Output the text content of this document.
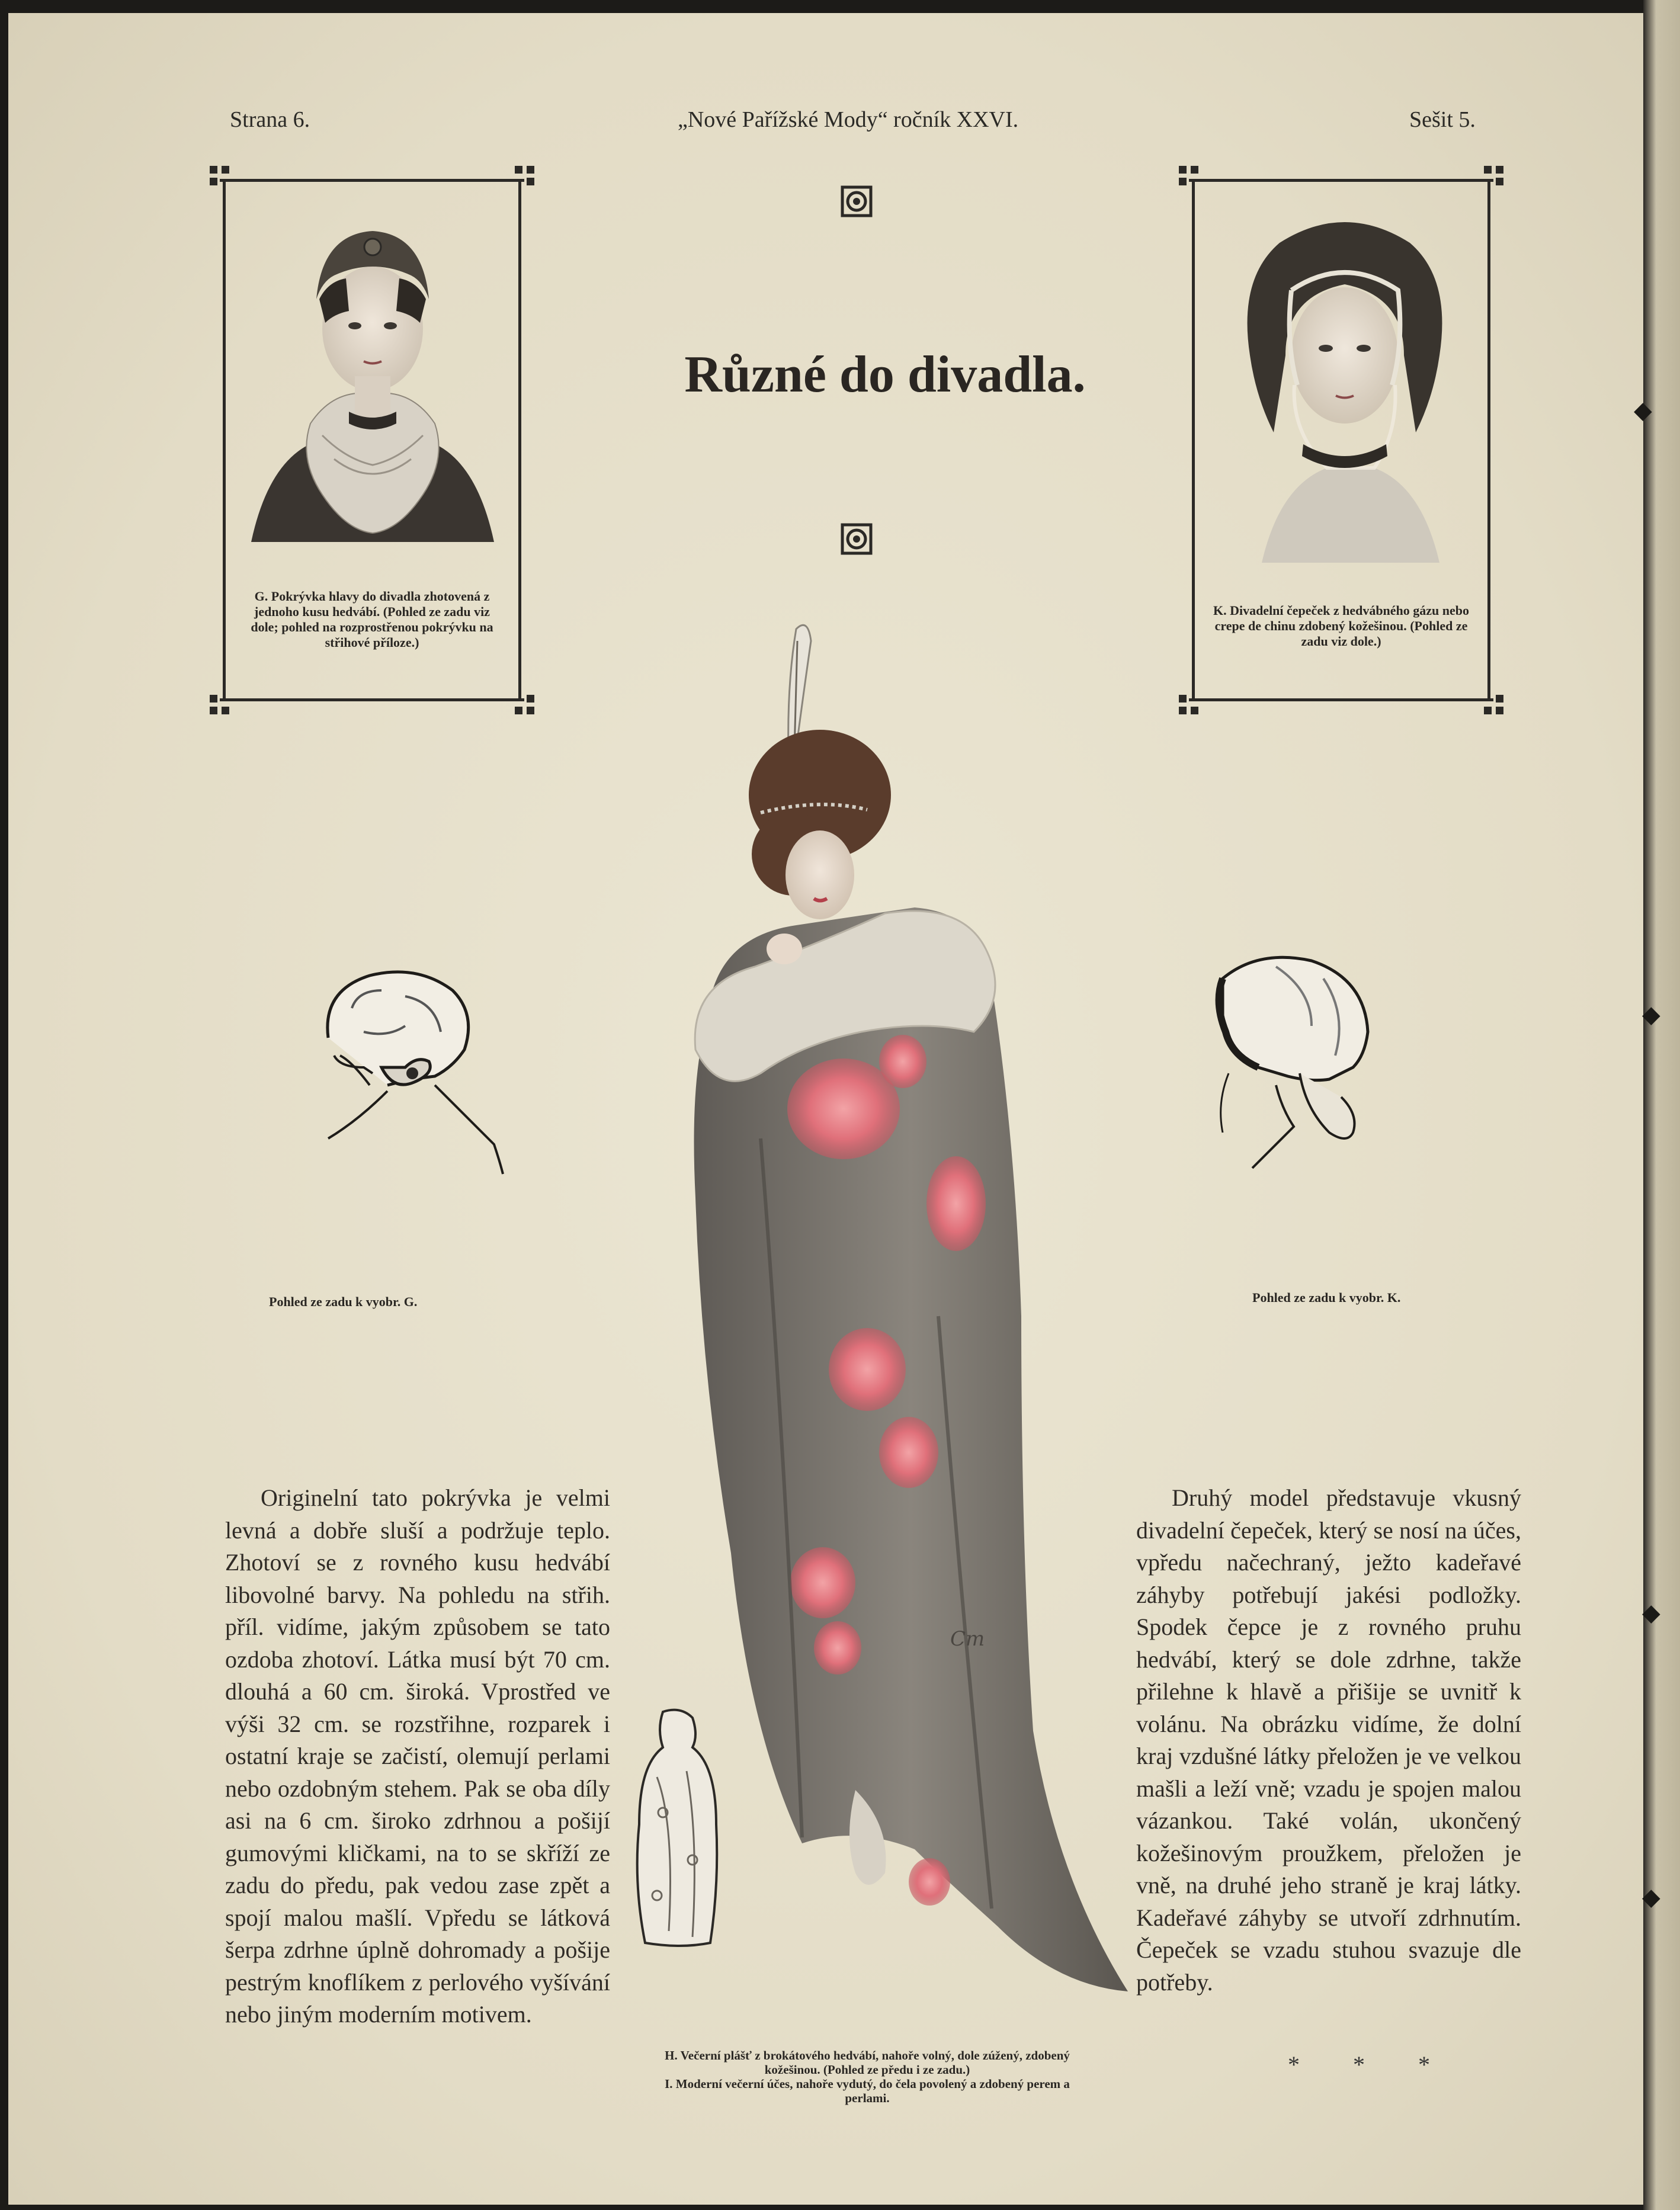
Strana 6.	„Nové Pařížské Mody“ ročník XXVI.	Sešit 5.
Různé do divadla.
G. Pokrývka hlavy do divadla zhotovená z jednoho kusu hedvábí. (Pohled ze zadu viz dole; pohled na rozprostřenou pokrývku na střihové příloze.)
K. Divadelní čepeček z hedvábného gázu nebo crepe de chinu zdobený kožešinou. (Pohled ze zadu viz dole.)
Pohled ze zadu k vyobr. G.	Pohled ze zadu k vyobr. K.
Cm
Originelní tato pokrývka je velmi levná a dobře sluší a podržuje teplo. Zhotoví se z rovného kusu hedvábí libovolné barvy. Na pohledu na střih. příl. vidíme, jakým způsobem se tato ozdoba zhotoví. Látka musí být 70 cm. dlouhá a 60 cm. široká. Vprostřed ve výši 32 cm. se rozstřihne, rozparek i ostatní kraje se začistí, olemují perlami nebo ozdobným stehem. Pak se oba díly asi na 6 cm. široko zdrhnou a pošijí gumovými kličkami, na to se skříží ze zadu do předu, pak vedou zase zpět a spojí malou mašlí. Vpředu se látková šerpa zdrhne úplně dohromady a pošije pestrým knoflíkem z perlového vyšívání nebo jiným moderním motivem.
Druhý model představuje vkusný divadelní čepeček, který se nosí na účes, vpředu načechraný, ježto kadeřavé záhyby potřebují jakési podložky. Spodek čepce je z rovného pruhu hedvábí, který se dole zdrhne, takže přilehne k hlavě a přišije se uvnitř k volánu. Na obrázku vidíme, že dolní kraj vzdušné látky přeložen je ve velkou mašli a leží vně; vzadu je spojen malou vázankou. Také volán, ukončený kožešinovým proužkem, přeložen je vně, na druhé jeho straně je kraj látky. Kadeřavé záhyby se utvoří zdrhnutím. Čepeček se vzadu stuhou svazuje dle potřeby.
H. Večerní plášť z brokátového hedvábí, nahoře volný, dole zúžený, zdobený kožešinou. (Pohled ze předu i ze zadu.)
I. Moderní večerní účes, nahoře vydutý, do čela povolený a zdobený perem a perlami.
* * *
◆
◆
◆
◆
